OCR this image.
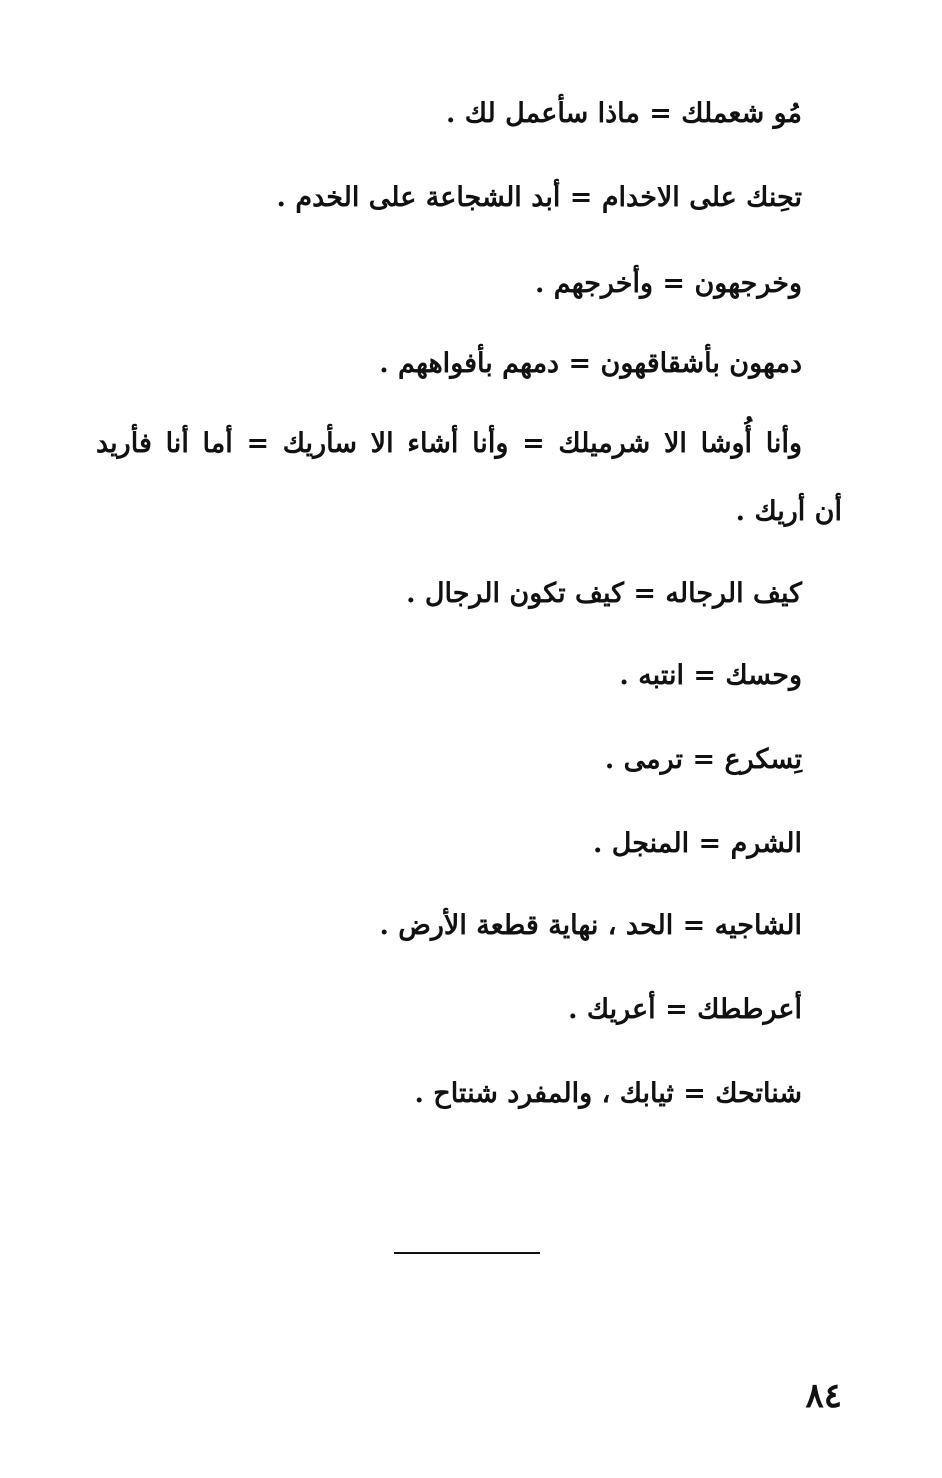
مُو شعملك = ماذا سأعمل لك .
تحِنك على الاخدام = أبد الشجاعة على الخدم .
وخرجهون = وأخرجهم .
دمهون بأشقاقهون = دمهم بأفواههم .
وأنا أُوشا الا شرميلك = وأنا أشاء الا سأريك = أما أنا فأريد
أن أريك .
كيف الرجاله = كيف تكون الرجال .
وحسك = انتبه .
تِسكرع = ترمى .
الشرم = المنجل .
الشاجيه = الحد ، نهاية قطعة الأرض .
أعرططك = أعريك .
شناتحك = ثيابك ، والمفرد شنتاح .
٨٤
